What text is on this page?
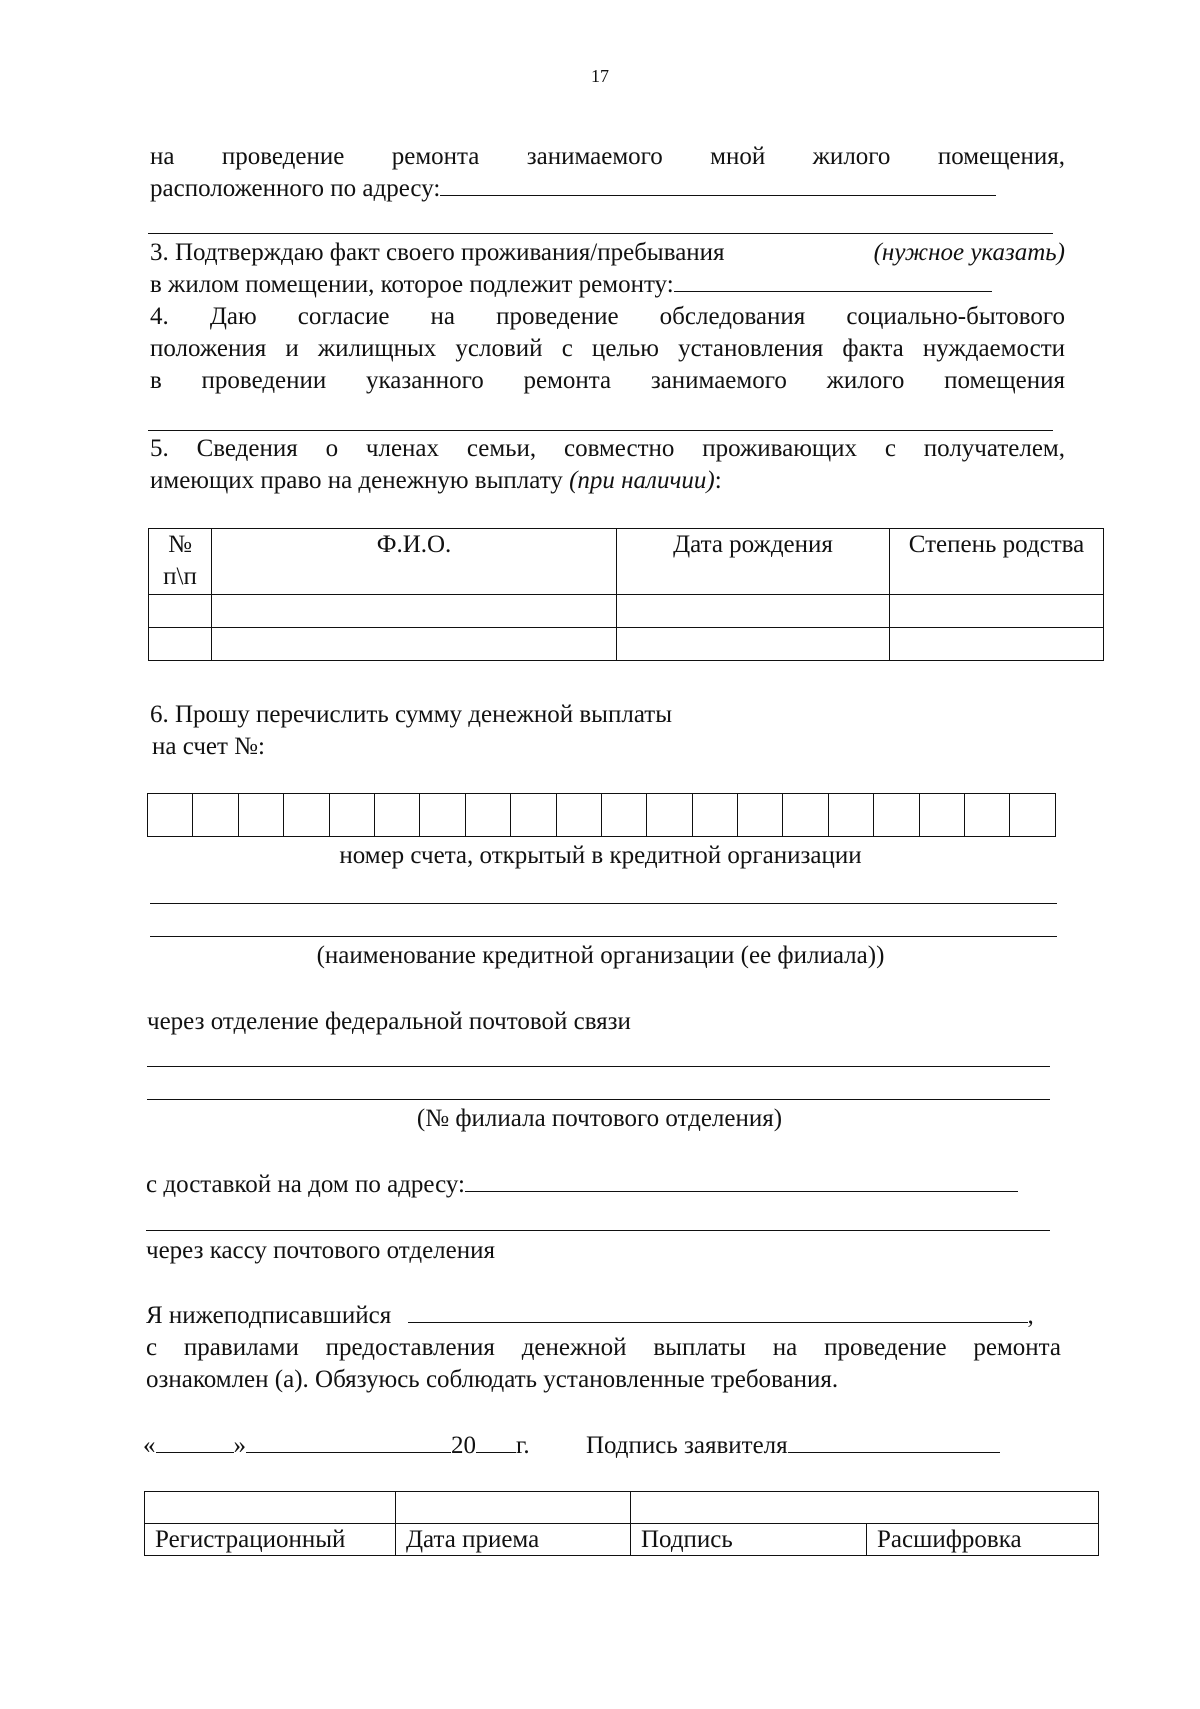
17

на проведение ремонта занимаемого мной жилого помещения,

расположенного по адресу:

3. Подтверждаю факт своего проживания/пребывания	(нужное указать)

в жилом помещении, которое подлежит ремонту:

4. Даю согласие на проведение обследования социально-бытового

положения и жилищных условий с целью установления факта нуждаемости

в проведении указанного ремонта занимаемого жилого помещения

5. Сведения о членах семьи, совместно проживающих с получателем,

имеющих право на денежную выплату (при наличии):

№ п\п	Ф.И.О.	Дата рождения	Степень родства

6. Прошу перечислить сумму денежной выплаты

на счет №:

номер счета, открытый в кредитной организации

(наименование кредитной организации (ее филиала))

через отделение федеральной почтовой связи

(№ филиала почтового отделения)

с доставкой на дом по адресу:

через кассу почтового отделения

Я нижеподписавшийся	,

с правилами предоставления денежной выплаты на проведение ремонта

ознакомлен (а). Обязуюсь соблюдать установленные требования.

«	»	20 г. Подпись заявителя

Регистрационный	Дата приема	Подпись	Расшифровка
